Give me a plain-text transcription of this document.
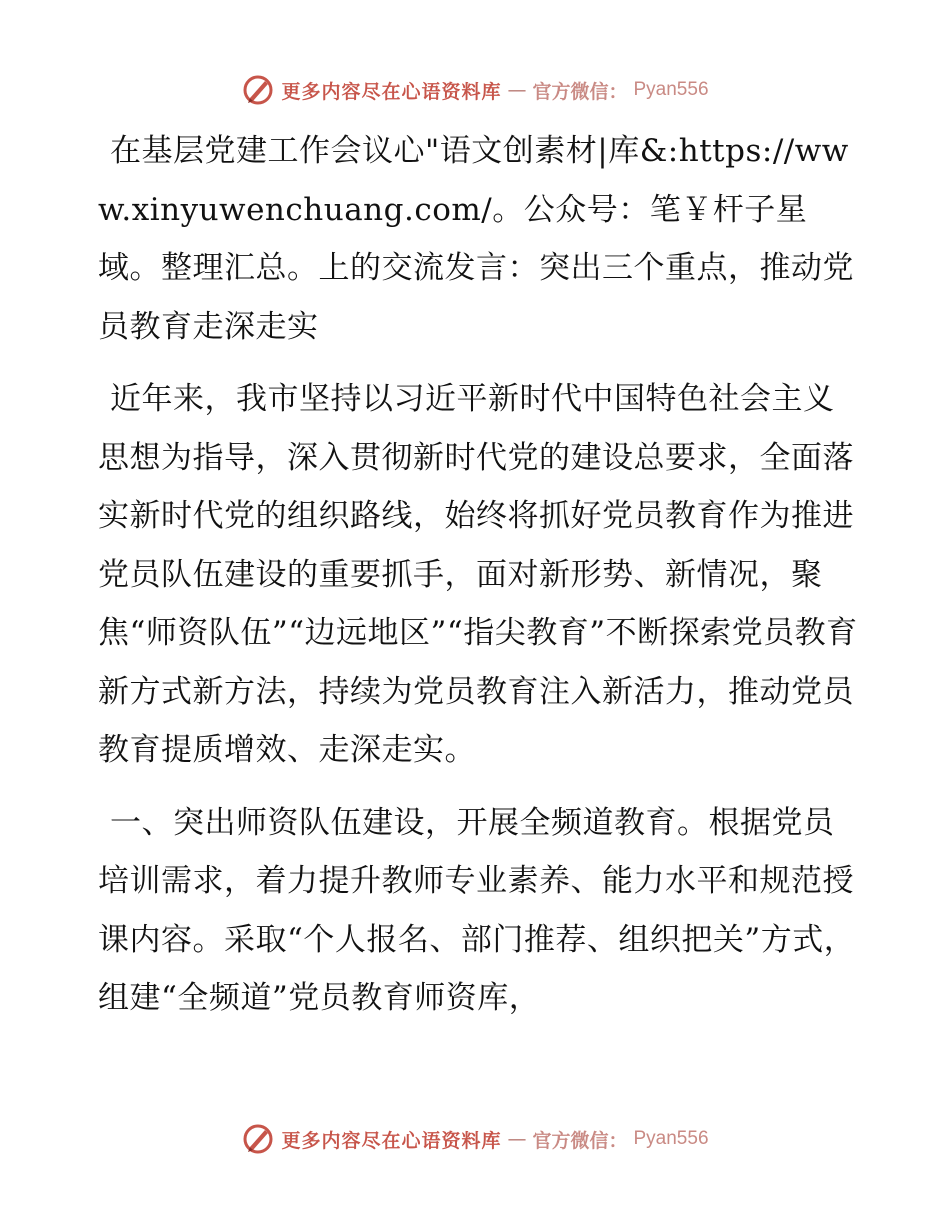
更多内容尽在心语资料库 — 官方微信： Pyan556

在基层党建工作会议心"语文创素材|库&:https://www.xinyuwenchuang.com/。公众号：笔￥杆子星域。整理汇总。上的交流发言：突出三个重点，推动党员教育走深走实

近年来，我市坚持以习近平新时代中国特色社会主义思想为指导，深入贯彻新时代党的建设总要求，全面落实新时代党的组织路线，始终将抓好党员教育作为推进党员队伍建设的重要抓手，面对新形势、新情况，聚焦“师资队伍”“边远地区”“指尖教育”不断探索党员教育新方式新方法，持续为党员教育注入新活力，推动党员教育提质增效、走深走实。

一、突出师资队伍建设，开展全频道教育。根据党员培训需求，着力提升教师专业素养、能力水平和规范授课内容。采取“个人报名、部门推荐、组织把关”方式，组建“全频道”党员教育师资库，

更多内容尽在心语资料库 — 官方微信： Pyan556
